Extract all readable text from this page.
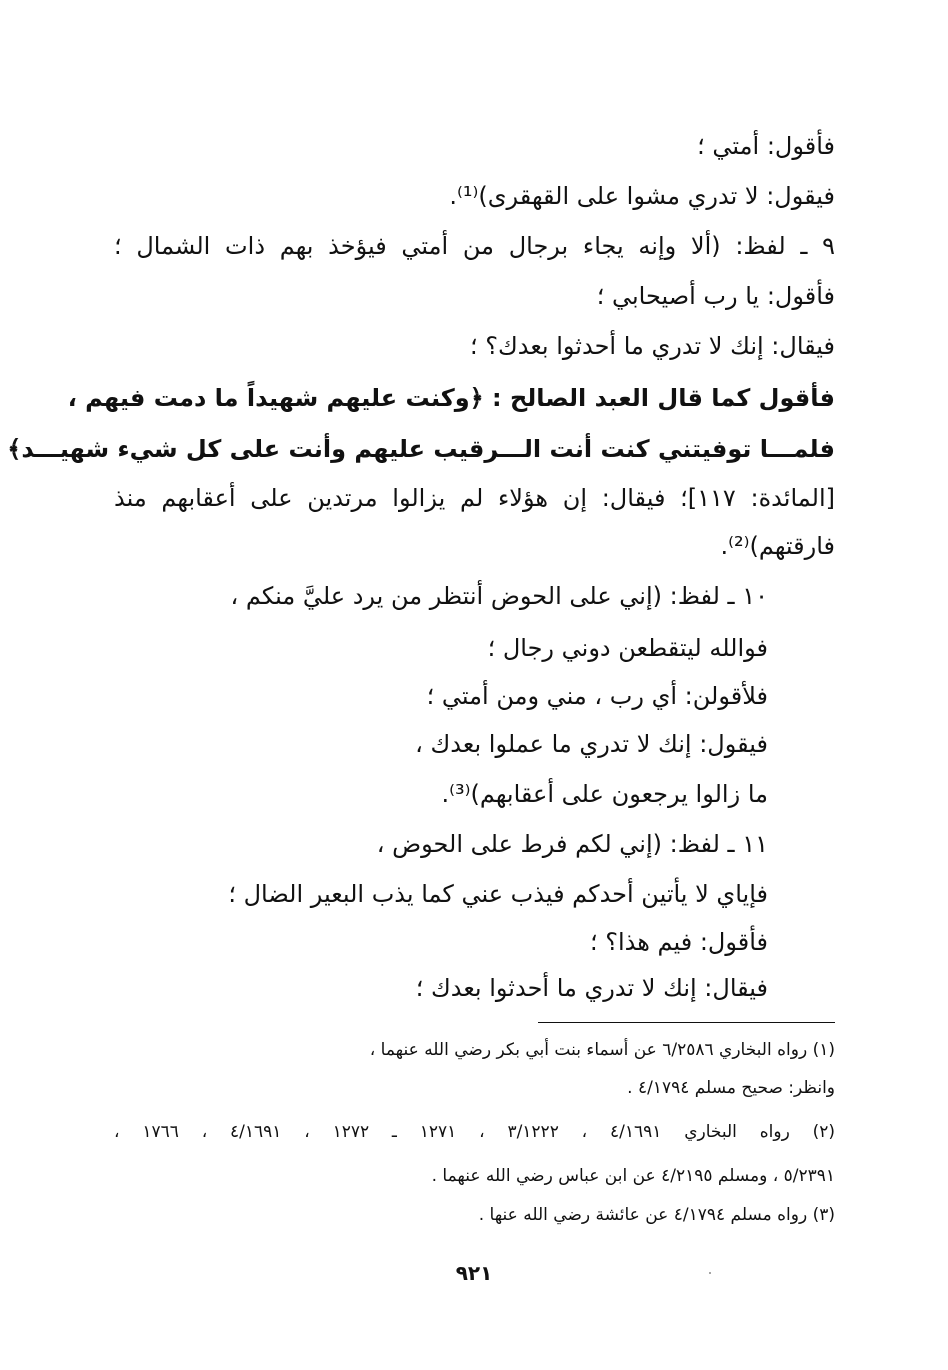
فأقول: أمتي ؛
فيقول: لا تدري مشوا على القهقرى)⁽¹⁾.
٩ ـ لفظ: (ألا وإنه يجاء برجال من أمتي فيؤخذ بهم ذات الشمال ؛
فأقول: يا رب أصيحابي ؛
فيقال: إنك لا تدري ما أحدثوا بعدك؟ ؛
فأقول كما قال العبد الصالح : ﴿وكنت عليهم شهيداً ما دمت فيهم ،
فلمـــا توفيتني كنت أنت الـــرقيب عليهم وأنت على كل شيء شهيـــد﴾
[المائدة: ١١٧]؛ فيقال: إن هؤلاء لم يزالوا مرتدين على أعقابهم منذ
فارقتهم)⁽²⁾.
١٠ ـ لفظ: (إني على الحوض أنتظر من يرد عليَّ منكم ،
فوالله ليتقطعن دوني رجال ؛
فلأقولن: أي رب ، مني ومن أمتي ؛
فيقول: إنك لا تدري ما عملوا بعدك ،
ما زالوا يرجعون على أعقابهم)⁽³⁾.
١١ ـ لفظ: (إني لكم فرط على الحوض ،
فإياي لا يأتين أحدكم فيذب عني كما يذب البعير الضال ؛
فأقول: فيم هذا؟ ؛
فيقال: إنك لا تدري ما أحدثوا بعدك ؛
(١) رواه البخاري ٦/٢٥٨٦ عن أسماء بنت أبي بكر رضي الله عنهما ،
وانظر: صحيح مسلم ٤/١٧٩٤ .
(٢) رواه البخاري ٤/١٦٩١ ، ٣/١٢٢٢ ، ١٢٧١ ـ ١٢٧٢ ، ٤/١٦٩١ ، ١٧٦٦ ،
٥/٢٣٩١ ، ومسلم ٤/٢١٩٥ عن ابن عباس رضي الله عنهما .
(٣) رواه مسلم ٤/١٧٩٤ عن عائشة رضي الله عنها .
٩٢١
